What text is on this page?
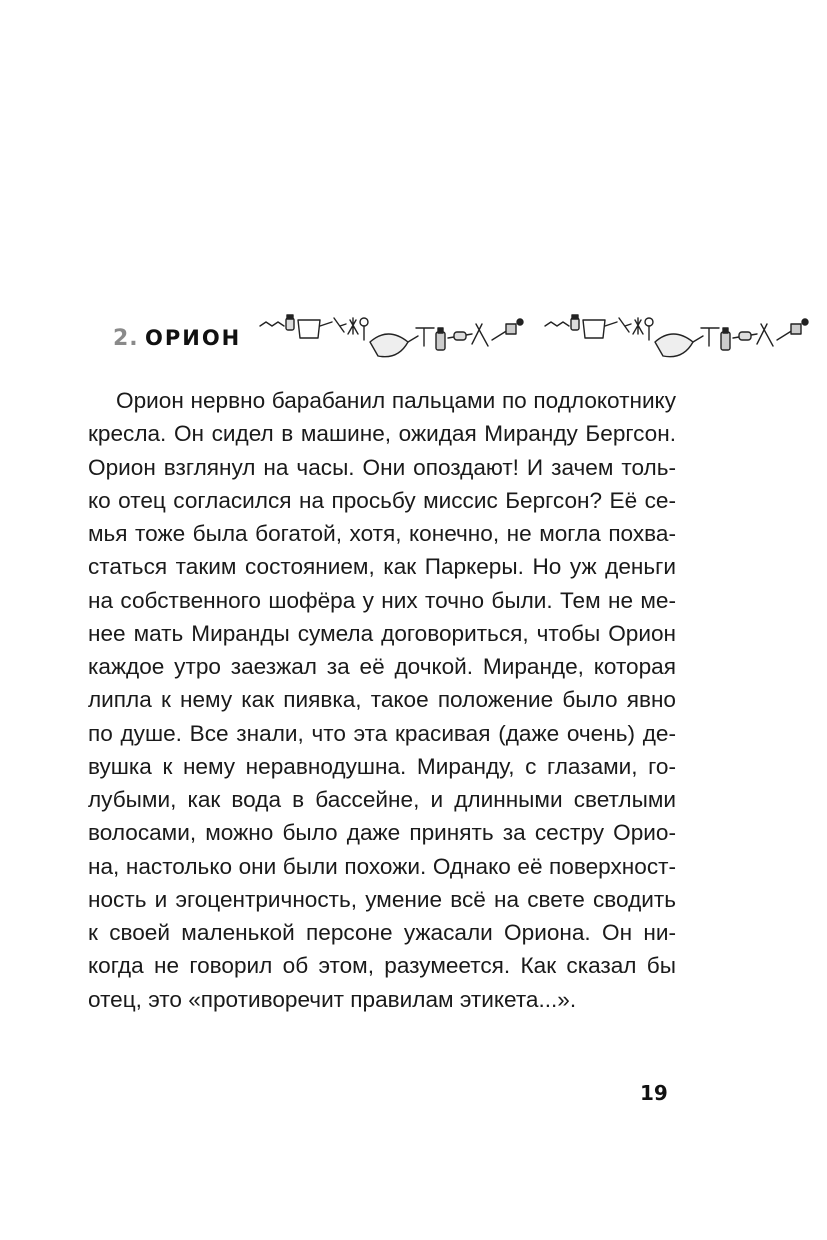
2. ОРИОН
Орион нервно барабанил пальцами по подлокотнику
кресла. Он сидел в машине, ожидая Миранду Бергсон.
Орион взглянул на часы. Они опоздают! И зачем толь-
ко отец согласился на просьбу миссис Бергсон? Её се-
мья тоже была богатой, хотя, конечно, не могла похва-
статься таким состоянием, как Паркеры. Но уж деньги
на собственного шофёра у них точно были. Тем не ме-
нее мать Миранды сумела договориться, чтобы Орион
каждое утро заезжал за её дочкой. Миранде, которая
липла к нему как пиявка, такое положение было явно
по душе. Все знали, что эта красивая (даже очень) де-
вушка к нему неравнодушна. Миранду, с глазами, го-
лубыми, как вода в бассейне, и длинными светлыми
волосами, можно было даже принять за сестру Орио-
на, настолько они были похожи. Однако её поверхност-
ность и эгоцентричность, умение всё на свете сводить
к своей маленькой персоне ужасали Ориона. Он ни-
когда не говорил об этом, разумеется. Как сказал бы
отец, это «противоречит правилам этикета...».
19
